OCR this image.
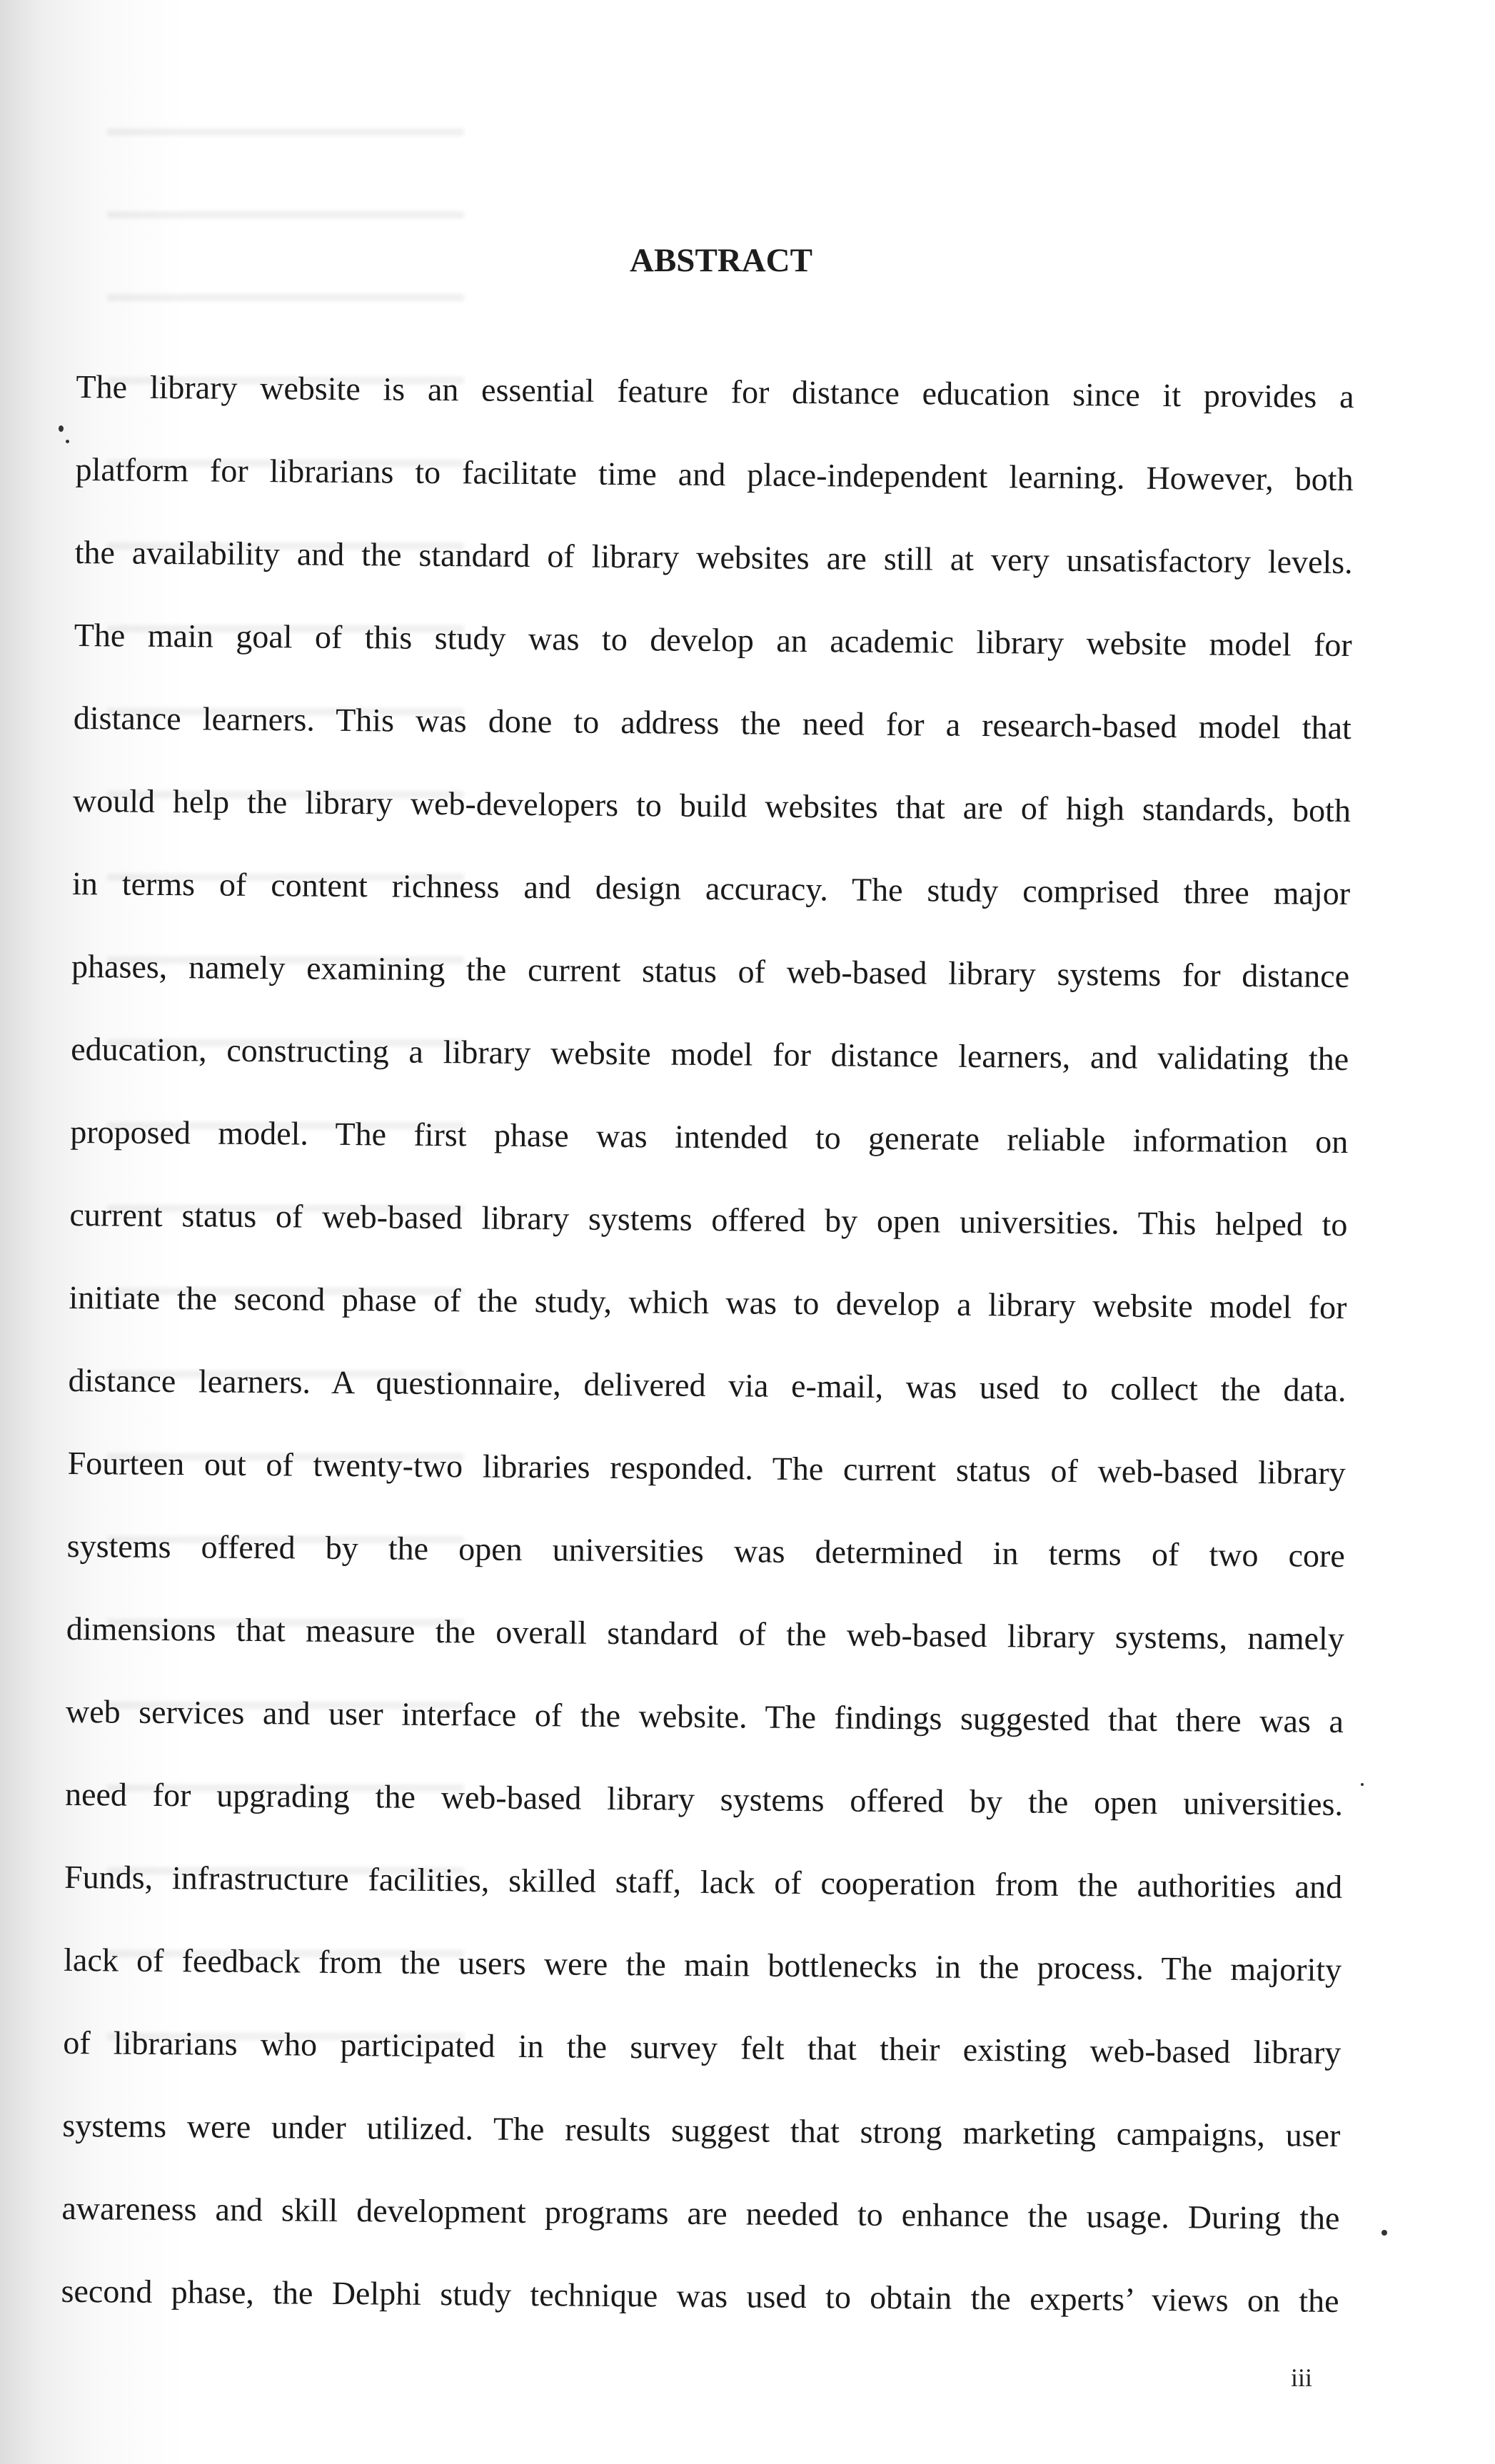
ABSTRACT
The library website is an essential feature for distance education since it provides a
platform for librarians to facilitate time and place-independent learning. However, both
the availability and the standard of library websites are still at very unsatisfactory levels.
The main goal of this study was to develop an academic library website model for
distance learners. This was done to address the need for a research-based model that
would help the library web-developers to build websites that are of high standards, both
in terms of content richness and design accuracy. The study comprised three major
phases, namely examining the current status of web-based library systems for distance
education, constructing a library website model for distance learners, and validating the
proposed model. The first phase was intended to generate reliable information on
current status of web-based library systems offered by open universities. This helped to
initiate the second phase of the study, which was to develop a library website model for
distance learners. A questionnaire, delivered via e-mail, was used to collect the data.
Fourteen out of twenty-two libraries responded. The current status of web-based library
systems offered by the open universities was determined in terms of two core
dimensions that measure the overall standard of the web-based library systems, namely
web services and user interface of the website. The findings suggested that there was a
need for upgrading the web-based library systems offered by the open universities.
Funds, infrastructure facilities, skilled staff, lack of cooperation from the authorities and
lack of feedback from the users were the main bottlenecks in the process. The majority
of librarians who participated in the survey felt that their existing web-based library
systems were under utilized. The results suggest that strong marketing campaigns, user
awareness and skill development programs are needed to enhance the usage. During the
second phase, the Delphi study technique was used to obtain the experts’ views on the
iii
